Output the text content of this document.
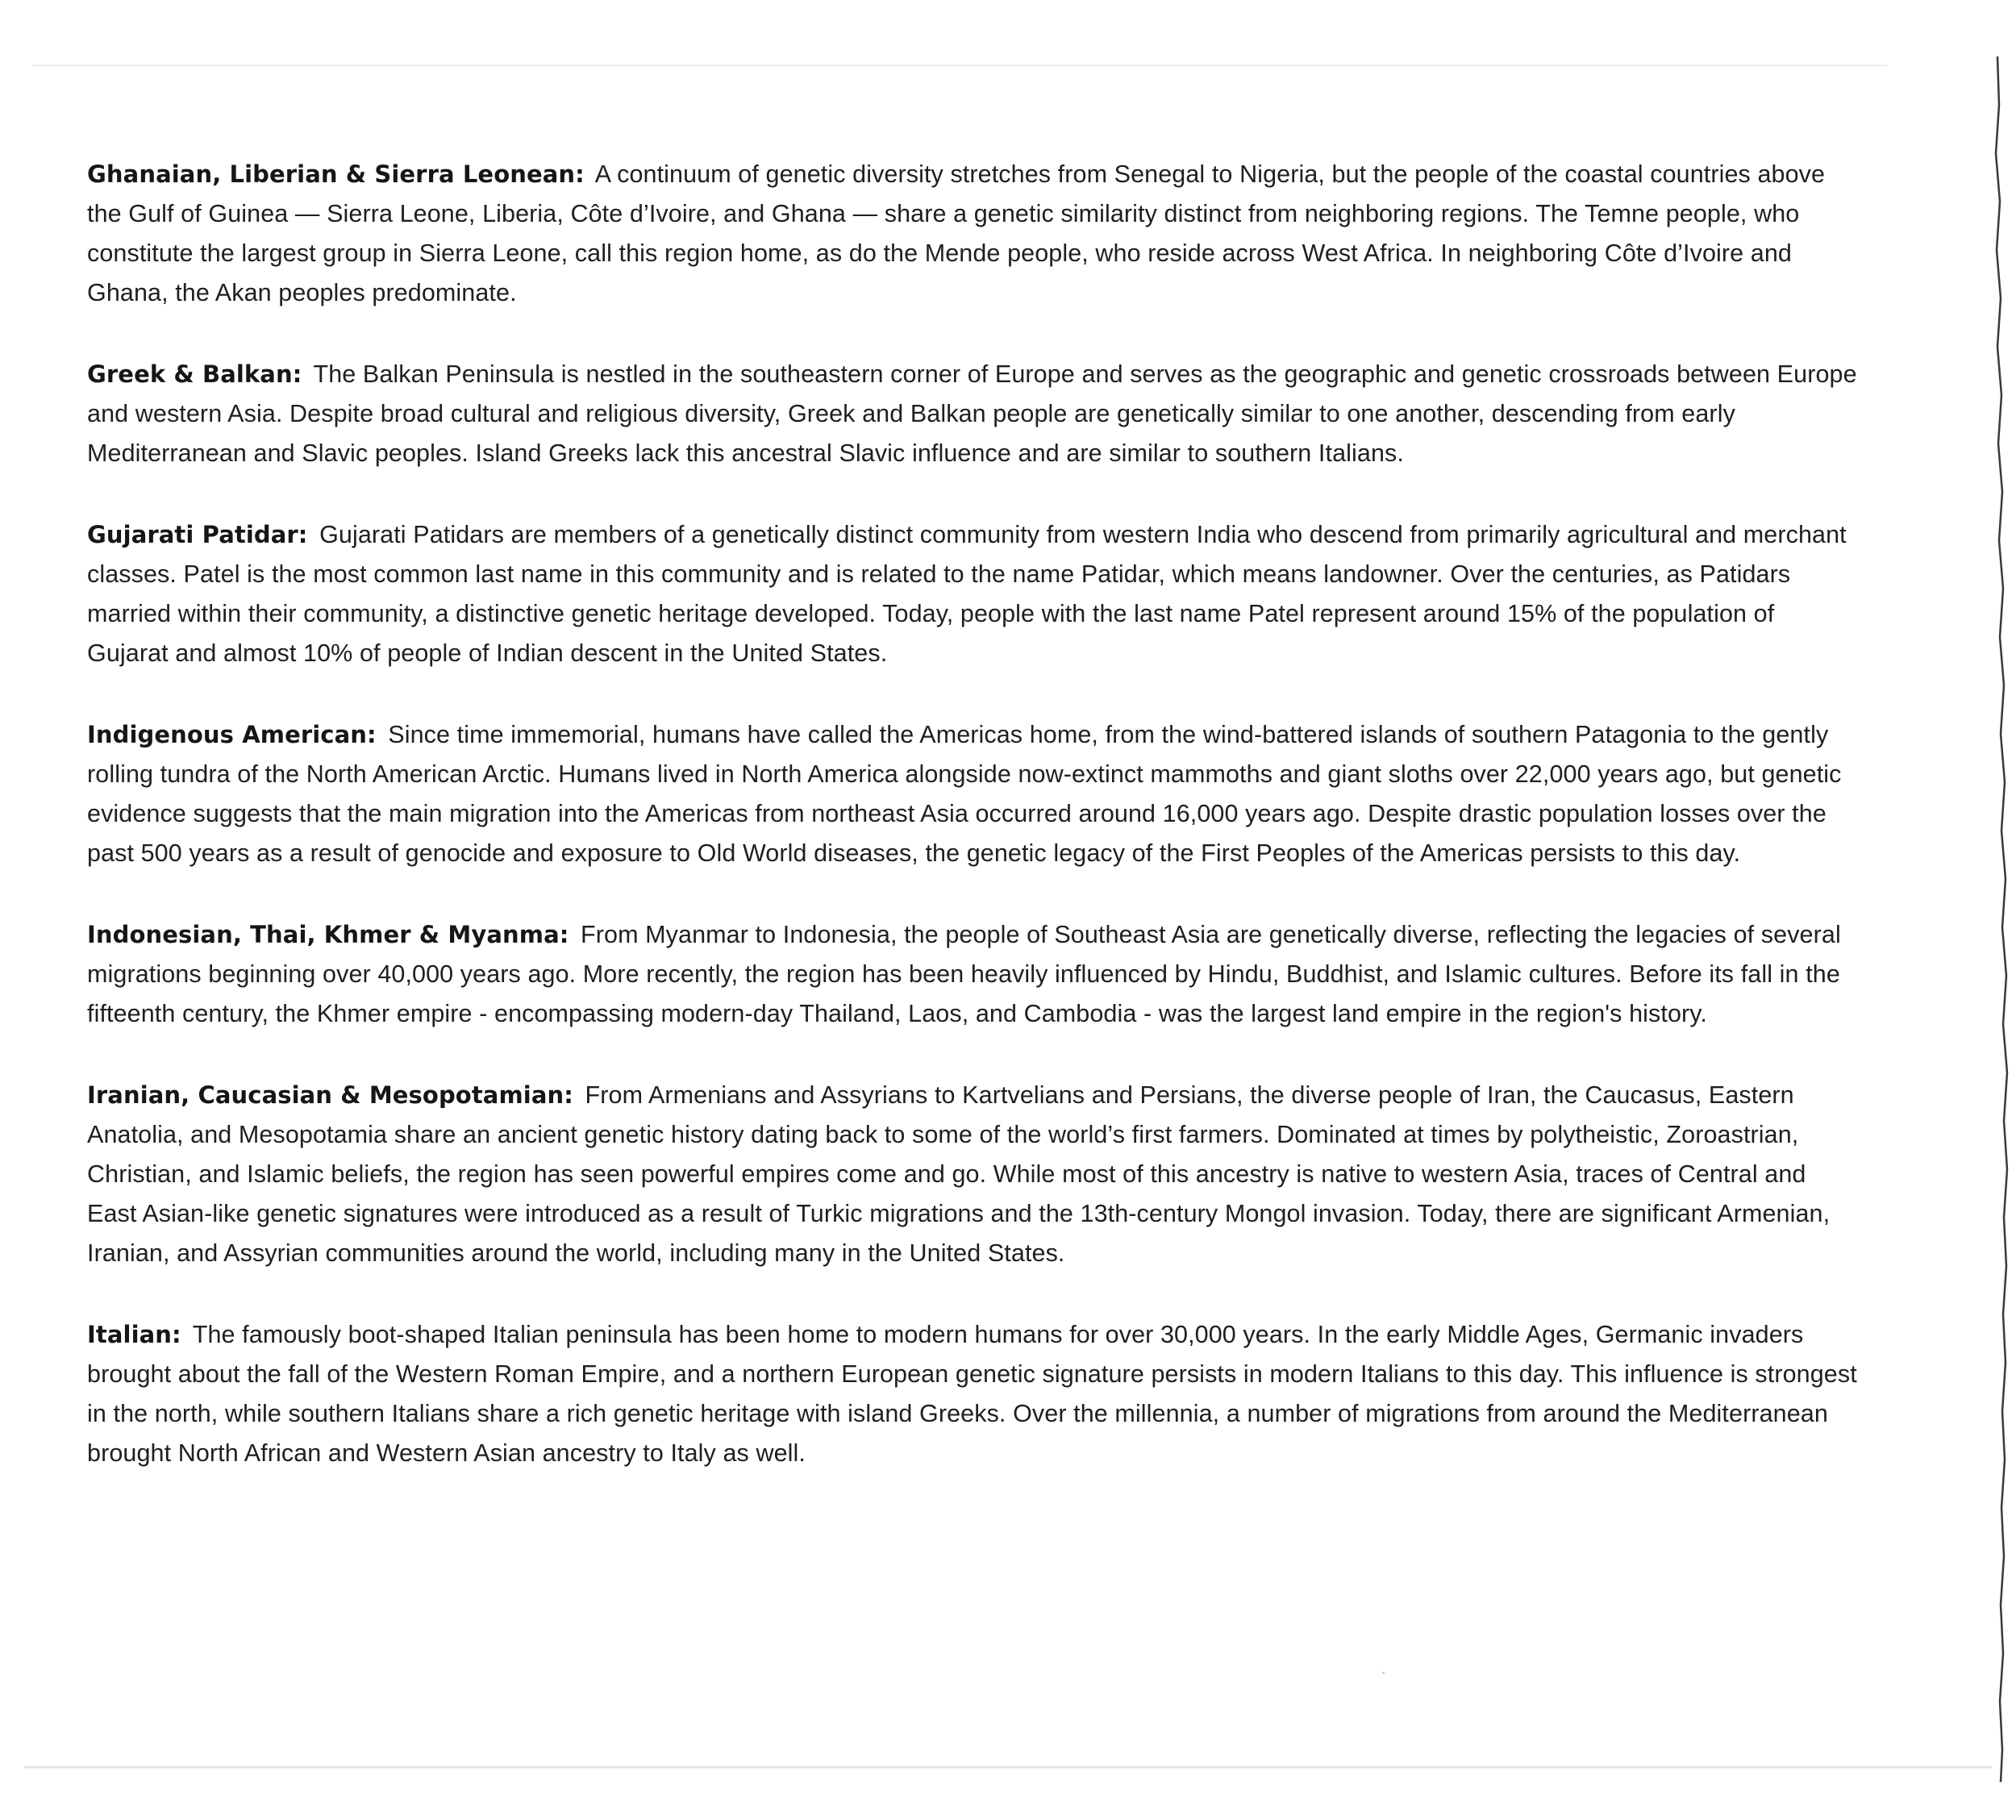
Ghanaian, Liberian & Sierra Leonean: A continuum of genetic diversity stretches from Senegal to Nigeria, but the people of the coastal countries above the Gulf of Guinea — Sierra Leone, Liberia, Côte d’Ivoire, and Ghana — share a genetic similarity distinct from neighboring regions. The Temne people, who constitute the largest group in Sierra Leone, call this region home, as do the Mende people, who reside across West Africa. In neighboring Côte d’Ivoire and Ghana, the Akan peoples predominate.

Greek & Balkan: The Balkan Peninsula is nestled in the southeastern corner of Europe and serves as the geographic and genetic crossroads between Europe and western Asia. Despite broad cultural and religious diversity, Greek and Balkan people are genetically similar to one another, descending from early Mediterranean and Slavic peoples. Island Greeks lack this ancestral Slavic influence and are similar to southern Italians.

Gujarati Patidar: Gujarati Patidars are members of a genetically distinct community from western India who descend from primarily agricultural and merchant classes. Patel is the most common last name in this community and is related to the name Patidar, which means landowner. Over the centuries, as Patidars married within their community, a distinctive genetic heritage developed. Today, people with the last name Patel represent around 15% of the population of Gujarat and almost 10% of people of Indian descent in the United States.

Indigenous American: Since time immemorial, humans have called the Americas home, from the wind-battered islands of southern Patagonia to the gently rolling tundra of the North American Arctic. Humans lived in North America alongside now-extinct mammoths and giant sloths over 22,000 years ago, but genetic evidence suggests that the main migration into the Americas from northeast Asia occurred around 16,000 years ago. Despite drastic population losses over the past 500 years as a result of genocide and exposure to Old World diseases, the genetic legacy of the First Peoples of the Americas persists to this day.

Indonesian, Thai, Khmer & Myanma: From Myanmar to Indonesia, the people of Southeast Asia are genetically diverse, reflecting the legacies of several migrations beginning over 40,000 years ago. More recently, the region has been heavily influenced by Hindu, Buddhist, and Islamic cultures. Before its fall in the fifteenth century, the Khmer empire - encompassing modern-day Thailand, Laos, and Cambodia - was the largest land empire in the region's history.

Iranian, Caucasian & Mesopotamian: From Armenians and Assyrians to Kartvelians and Persians, the diverse people of Iran, the Caucasus, Eastern Anatolia, and Mesopotamia share an ancient genetic history dating back to some of the world’s first farmers. Dominated at times by polytheistic, Zoroastrian, Christian, and Islamic beliefs, the region has seen powerful empires come and go. While most of this ancestry is native to western Asia, traces of Central and East Asian-like genetic signatures were introduced as a result of Turkic migrations and the 13th-century Mongol invasion. Today, there are significant Armenian, Iranian, and Assyrian communities around the world, including many in the United States.

Italian: The famously boot-shaped Italian peninsula has been home to modern humans for over 30,000 years. In the early Middle Ages, Germanic invaders brought about the fall of the Western Roman Empire, and a northern European genetic signature persists in modern Italians to this day. This influence is strongest in the north, while southern Italians share a rich genetic heritage with island Greeks. Over the millennia, a number of migrations from around the Mediterranean brought North African and Western Asian ancestry to Italy as well.
